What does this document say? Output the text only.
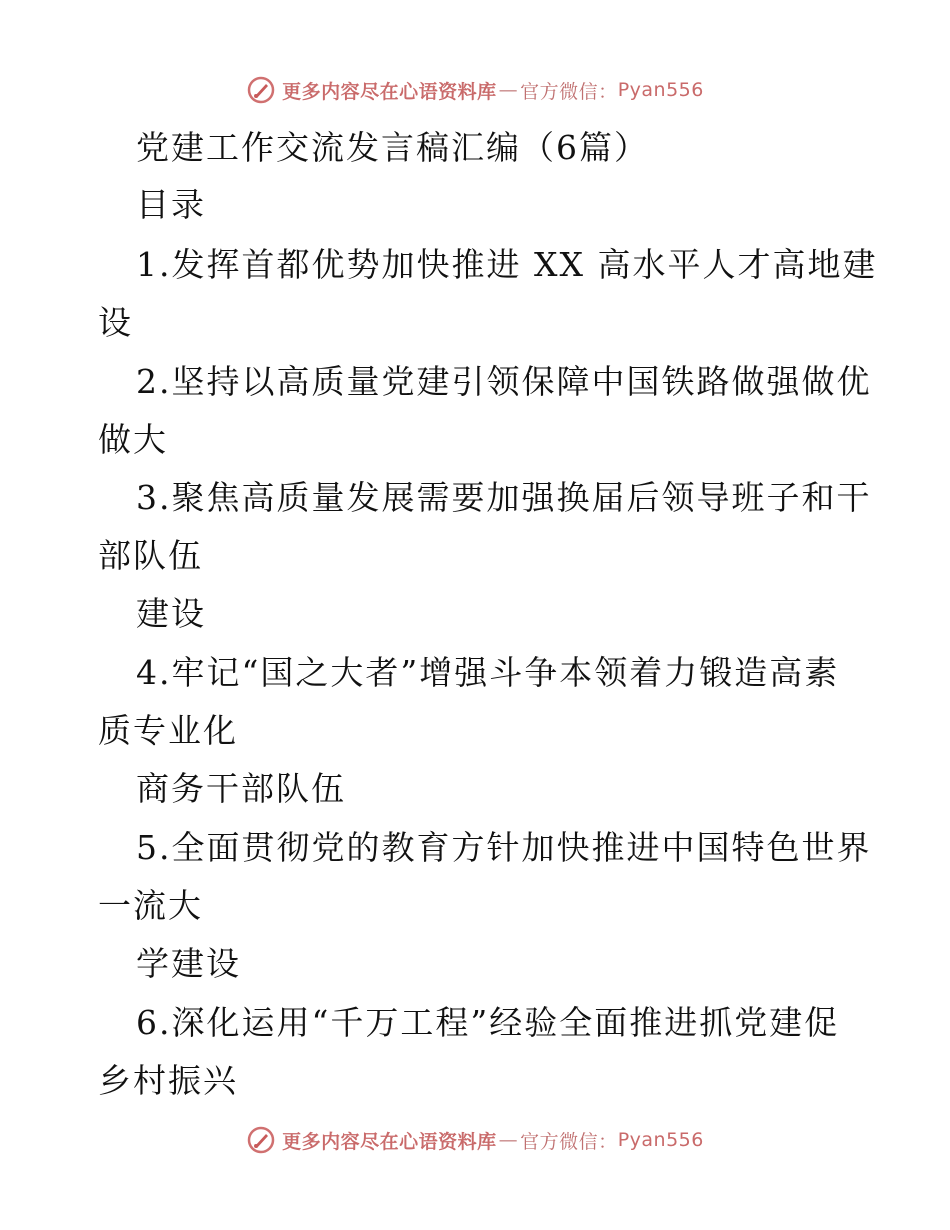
更多内容尽在心语资料库 — 官方微信： Pyan556
党建工作交流发言稿汇编（6篇）
目录
1.发挥首都优势加快推进 XX 高水平人才高地建
设
2.坚持以高质量党建引领保障中国铁路做强做优
做大
3.聚焦高质量发展需要加强换届后领导班子和干
部队伍
建设
4.牢记“国之大者”增强斗争本领着力锻造高素
质专业化
商务干部队伍
5.全面贯彻党的教育方针加快推进中国特色世界
一流大
学建设
6.深化运用“千万工程”经验全面推进抓党建促
乡村振兴
更多内容尽在心语资料库 — 官方微信： Pyan556
